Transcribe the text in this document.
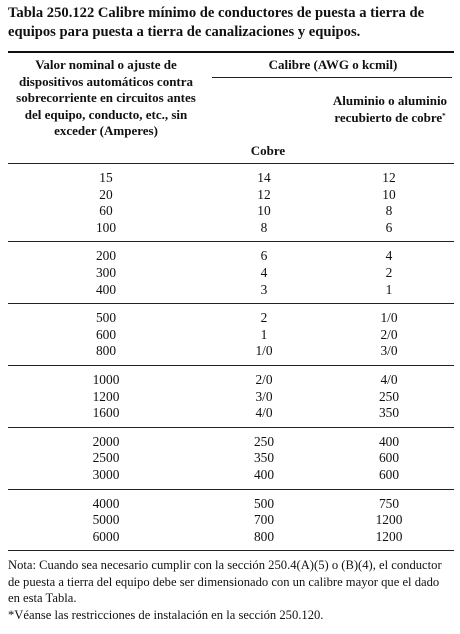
Tabla 250.122 Calibre mínimo de conductores de puesta a tierra de equipos para puesta a tierra de canalizaciones y equipos.

Valor nominal o ajuste de dispositivos automáticos contra sobrecorriente en circuitos antes del equipo, conducto, etc., sin exceder (Amperes)
Calibre (AWG o kcmil)
Cobre
Aluminio o aluminio recubierto de cobre*
15	14	12
20	12	10
60	10	8
100	8	6
200	6	4
300	4	2
400	3	1
500	2	1/0
600	1	2/0
800	1/0	3/0
1000	2/0	4/0
1200	3/0	250
1600	4/0	350
2000	250	400
2500	350	600
3000	400	600
4000	500	750
5000	700	1200
6000	800	1200

Nota: Cuando sea necesario cumplir con la sección 250.4(A)(5) o (B)(4), el conductor de puesta a tierra del equipo debe ser dimensionado con un calibre mayor que el dado en esta Tabla.

*Véanse las restricciones de instalación en la sección 250.120.
